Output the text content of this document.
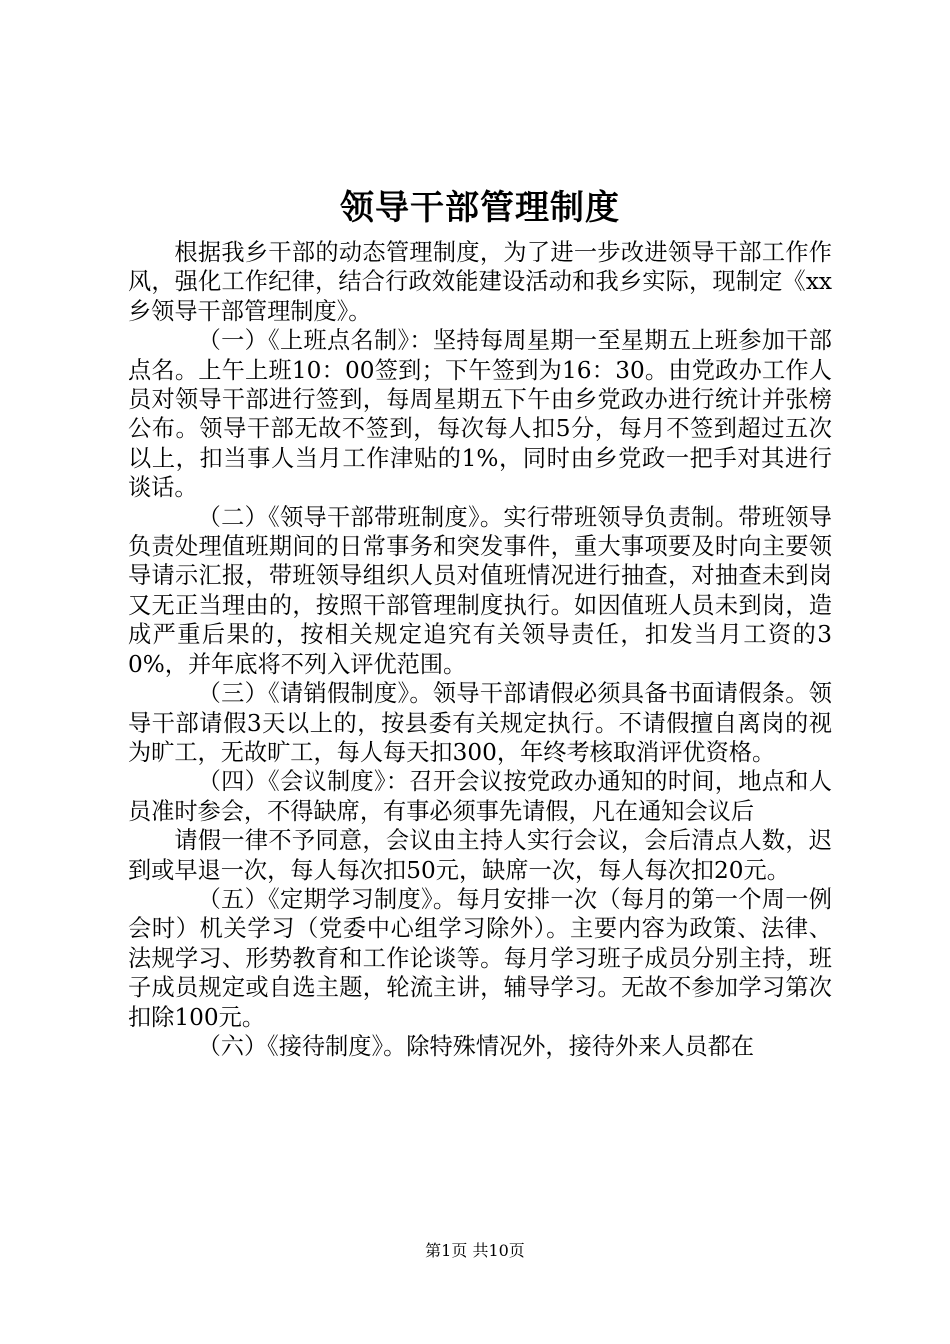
领导干部管理制度

根据我乡干部的动态管理制度，为了进一步改进领导干部工作作风，强化工作纪律，结合行政效能建设活动和我乡实际，现制定《xx乡领导干部管理制度》。

（一）《上班点名制》：坚持每周星期一至星期五上班参加干部点名。上午上班10：00签到；下午签到为16：30。由党政办工作人员对领导干部进行签到，每周星期五下午由乡党政办进行统计并张榜公布。领导干部无故不签到，每次每人扣5分，每月不签到超过五次以上，扣当事人当月工作津贴的1%，同时由乡党政一把手对其进行谈话。

（二）《领导干部带班制度》。实行带班领导负责制。带班领导负责处理值班期间的日常事务和突发事件，重大事项要及时向主要领导请示汇报，带班领导组织人员对值班情况进行抽查，对抽查未到岗又无正当理由的，按照干部管理制度执行。如因值班人员未到岗，造成严重后果的，按相关规定追究有关领导责任，扣发当月工资的30%，并年底将不列入评优范围。

（三）《请销假制度》。领导干部请假必须具备书面请假条。领导干部请假3天以上的，按县委有关规定执行。不请假擅自离岗的视为旷工，无故旷工，每人每天扣300，年终考核取消评优资格。

（四）《会议制度》：召开会议按党政办通知的时间，地点和人员准时参会，不得缺席，有事必须事先请假，凡在通知会议后

请假一律不予同意，会议由主持人实行会议，会后清点人数，迟到或早退一次，每人每次扣50元，缺席一次，每人每次扣20元。

（五）《定期学习制度》。每月安排一次（每月的第一个周一例会时）机关学习（党委中心组学习除外）。主要内容为政策、法律、法规学习、形势教育和工作论谈等。每月学习班子成员分别主持，班子成员规定或自选主题，轮流主讲，辅导学习。无故不参加学习第次扣除100元。

（六）《接待制度》。除特殊情况外，接待外来人员都在

第1页 共10页
